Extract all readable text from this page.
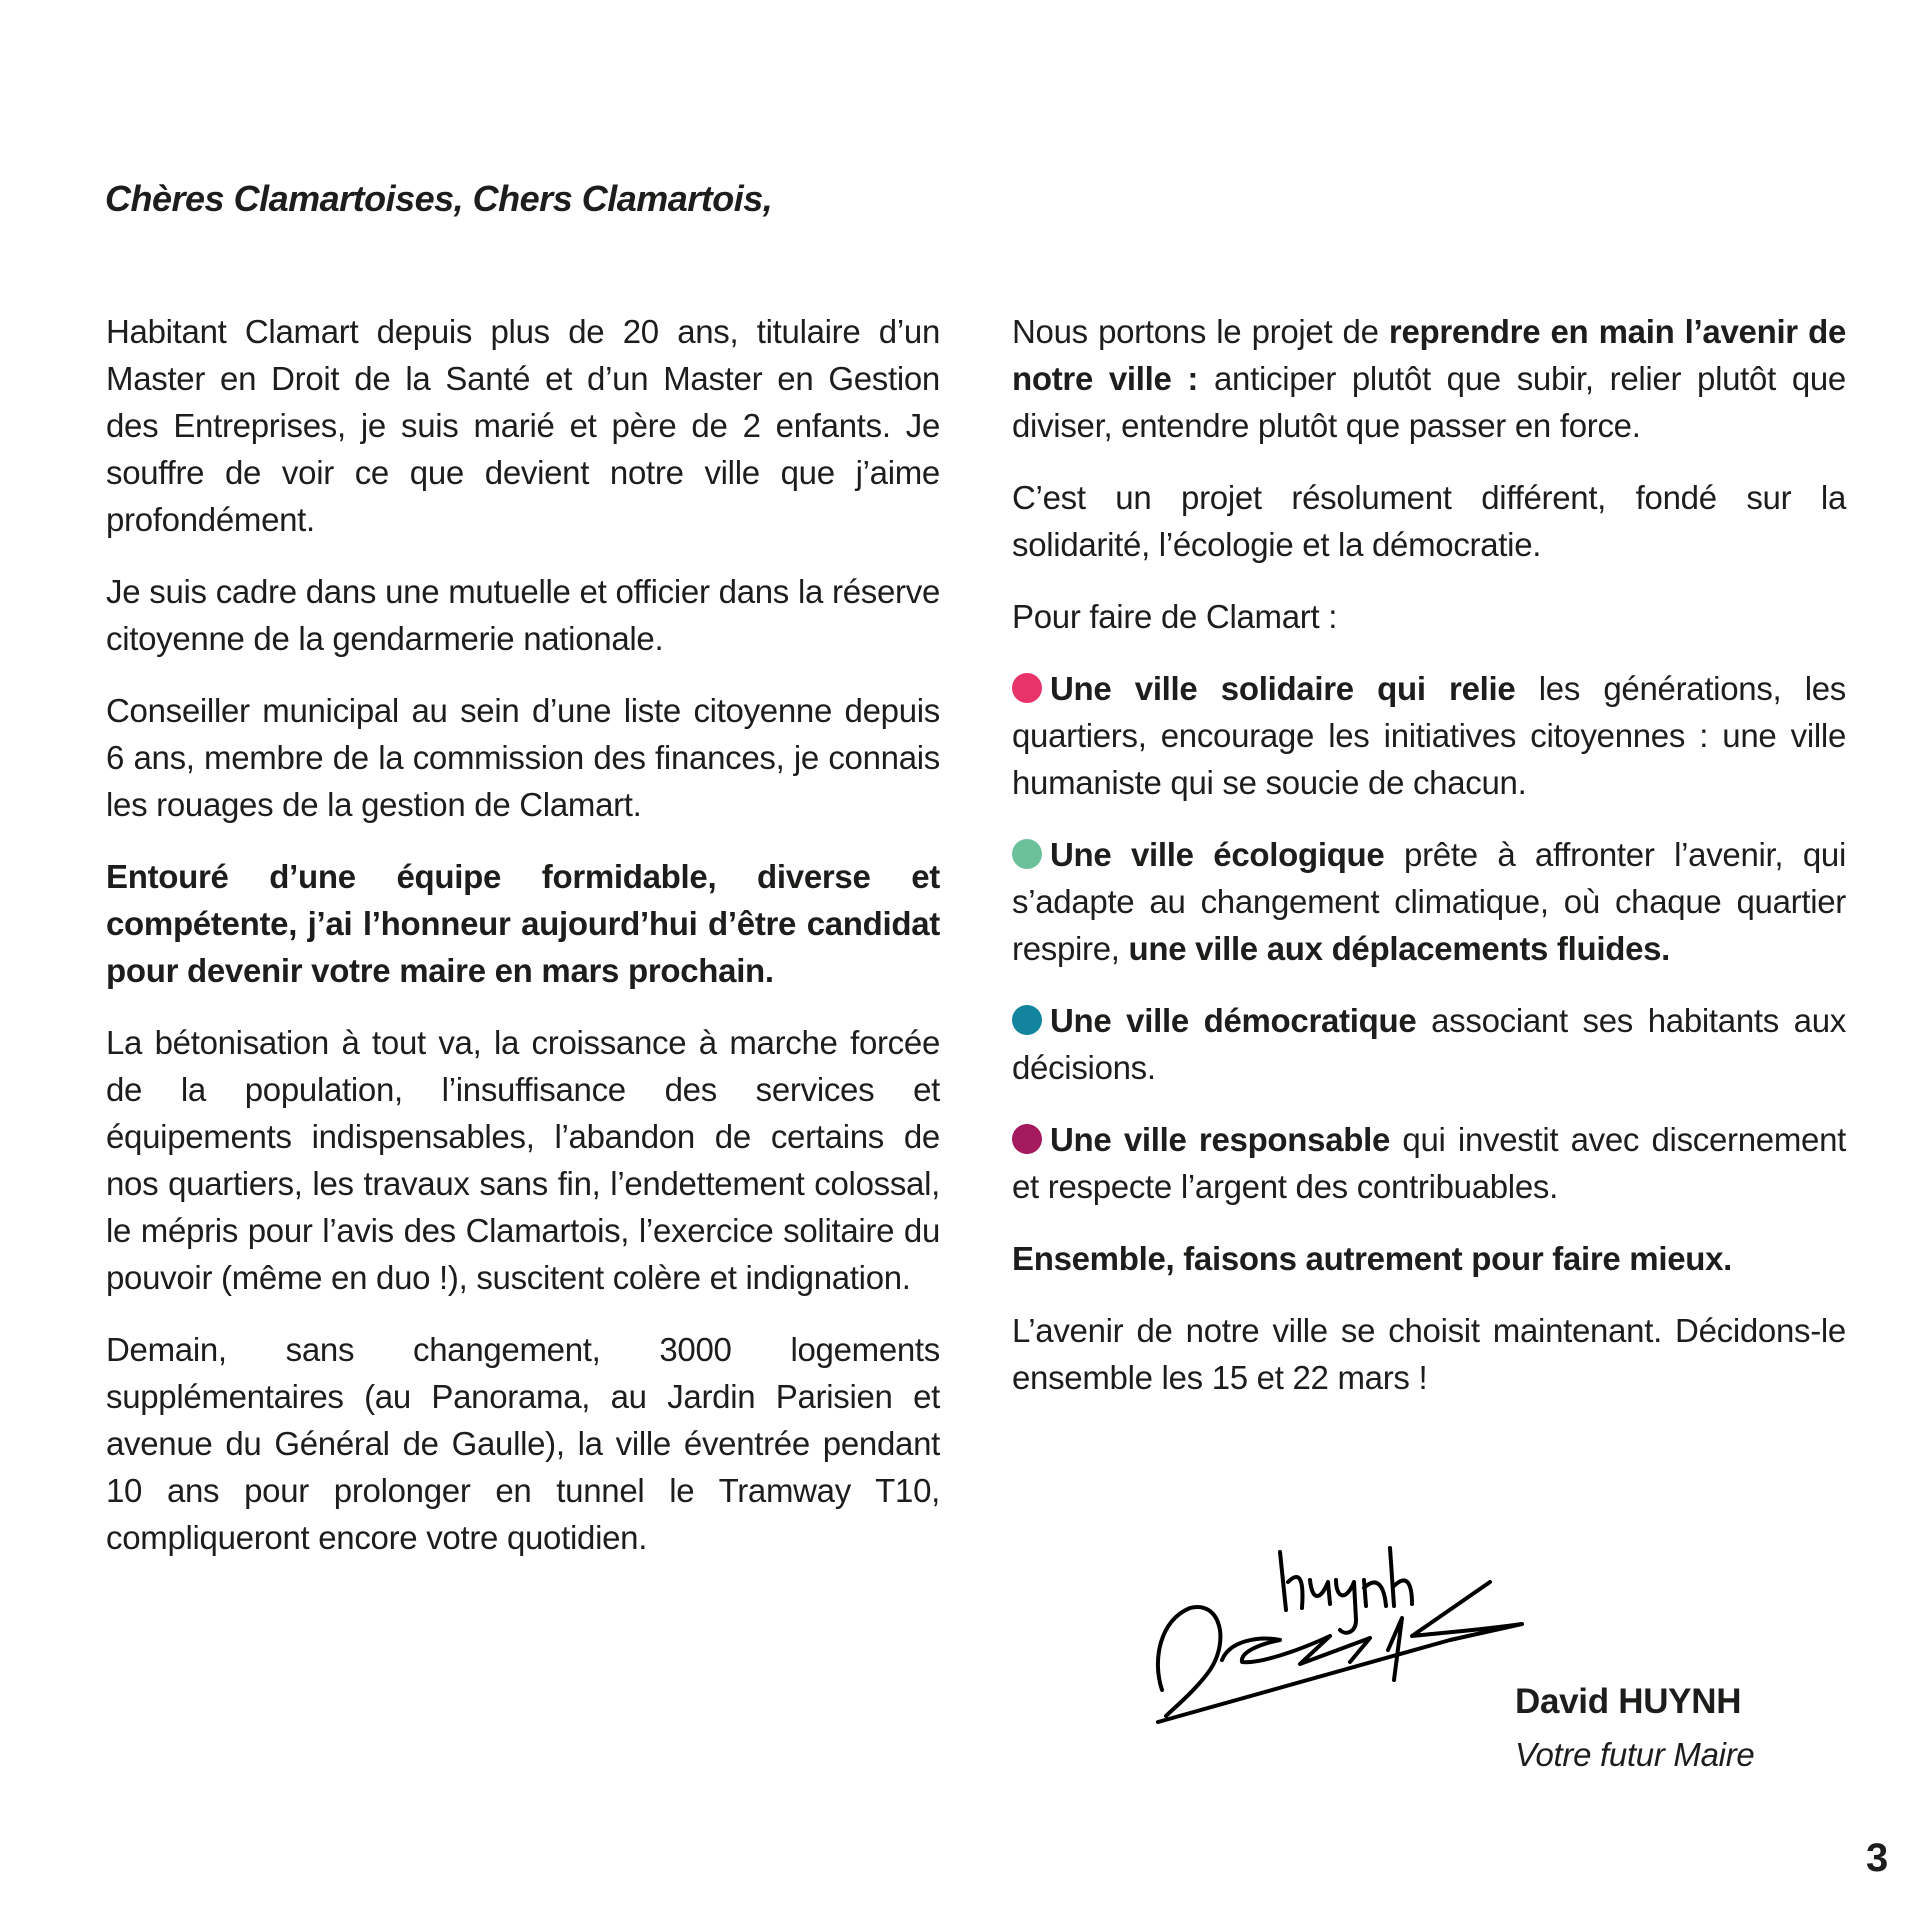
Chères Clamartoises, Chers Clamartois,

Habitant Clamart depuis plus de 20 ans, titulaire d’un Master en Droit de la Santé et d’un Master en Gestion des Entreprises, je suis marié et père de 2 enfants. Je souffre de voir ce que devient notre ville que j’aime profondément.

Je suis cadre dans une mutuelle et officier dans la réserve citoyenne de la gendarmerie nationale.

Conseiller municipal au sein d’une liste citoyenne depuis 6 ans, membre de la commission des finances, je connais les rouages de la gestion de Clamart.

Entouré d’une équipe formidable, diverse et compétente, j’ai l’honneur aujourd’hui d’être candidat pour devenir votre maire en mars prochain.

La bétonisation à tout va, la croissance à marche forcée de la population, l’insuffisance des services et équipements indispensables, l’abandon de certains de nos quartiers, les travaux sans fin, l’endettement colossal, le mépris pour l’avis des Clamartois, l’exercice solitaire du pouvoir (même en duo !), suscitent colère et indignation.

Demain, sans changement, 3000 logements supplémentaires (au Panorama, au Jardin Parisien et avenue du Général de Gaulle), la ville éventrée pendant 10 ans pour prolonger en tunnel le Tramway T10, compliqueront encore votre quotidien.

Nous portons le projet de reprendre en main l’avenir de notre ville : anticiper plutôt que subir, relier plutôt que diviser, entendre plutôt que passer en force.

C’est un projet résolument différent, fondé sur la solidarité, l’écologie et la démocratie.

Pour faire de Clamart :

Une ville solidaire qui relie les générations, les quartiers, encourage les initiatives citoyennes : une ville humaniste qui se soucie de chacun.

Une ville écologique prête à affronter l’avenir, qui s’adapte au changement climatique, où chaque quartier respire, une ville aux déplacements fluides.

Une ville démocratique associant ses habitants aux décisions.

Une ville responsable qui investit avec discernement et respecte l’argent des contribuables.

Ensemble, faisons autrement pour faire mieux.

L’avenir de notre ville se choisit maintenant. Décidons-le ensemble les 15 et 22 mars !

David HUYNH
Votre futur Maire
3
